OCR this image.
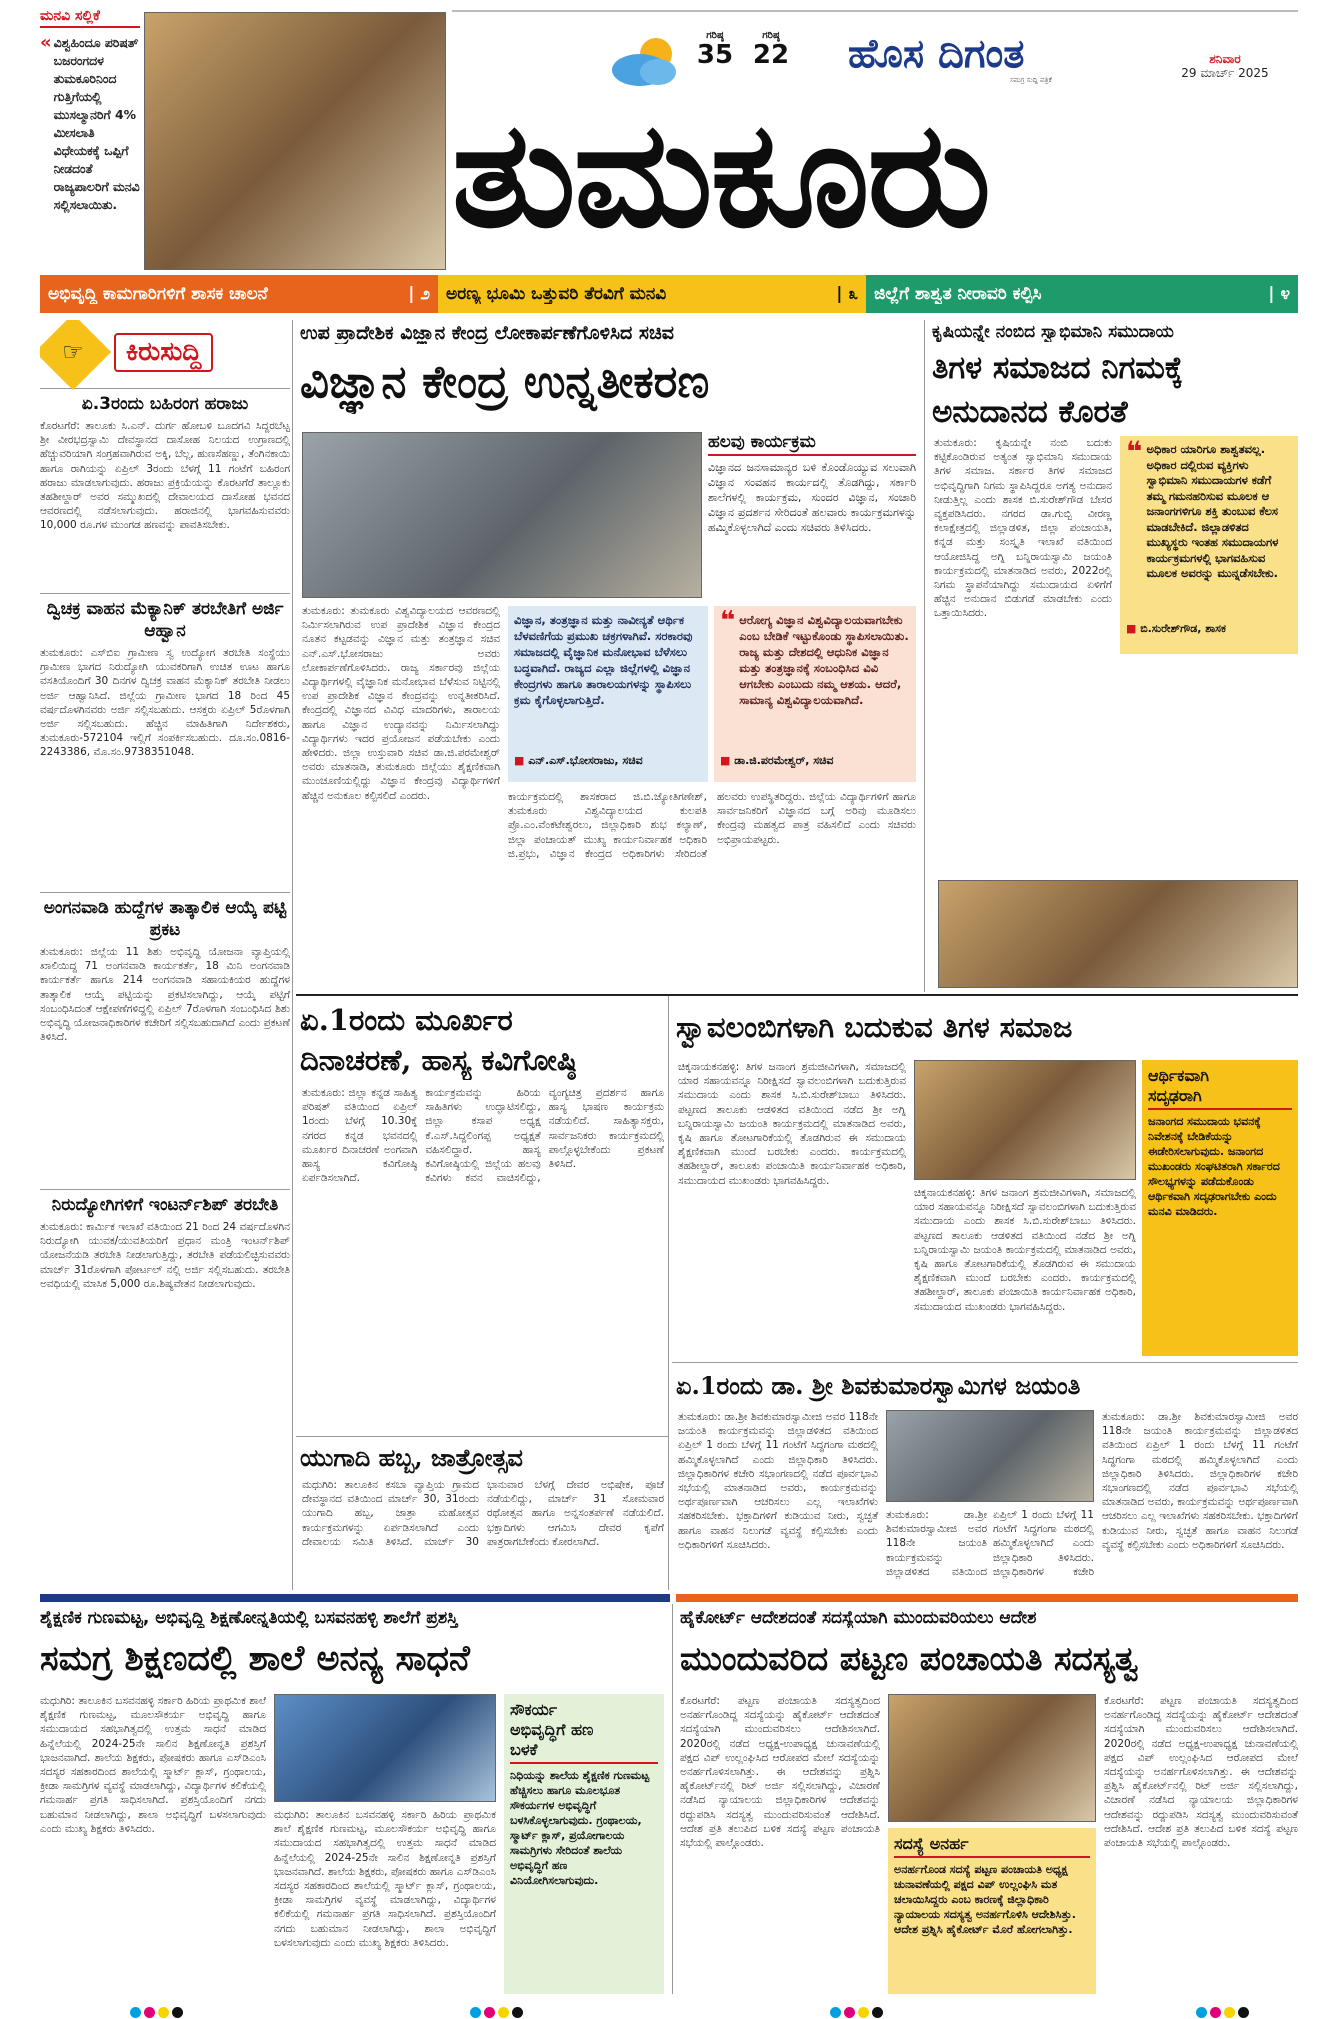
ಮನವಿ ಸಲ್ಲಿಕೆ
« ವಿಶ್ವಹಿಂದೂ ಪರಿಷತ್ ಬಜರಂಗದಳ ತುಮಕೂರಿನಿಂದ ಗುತ್ತಿಗೆಯಲ್ಲಿ ಮುಸಲ್ಮಾನರಿಗೆ 4% ಮೀಸಲಾತಿ ವಿಧೇಯಕಕ್ಕೆ ಒಪ್ಪಿಗೆ ನೀಡದಂತೆ ರಾಜ್ಯಪಾಲರಿಗೆ ಮನವಿ ಸಲ್ಲಿಸಲಾಯಿತು.
ಗರಿಷ್ಠ
35
ಗರಿಷ್ಠ
22 ಹೊಸ ದಿಗಂತ
ಸಮಗ್ರ ಸುದ್ದಿ ಪತ್ರಿಕೆ
ಶನಿವಾರ
29 ಮಾರ್ಚ್ 2025
ತುಮಕೂರು
ಅಭಿವೃದ್ಧಿ ಕಾಮಗಾರಿಗಳಿಗೆ ಶಾಸಕ ಚಾಲನೆ	| ೨ ಅರಣ್ಯ ಭೂಮಿ ಒತ್ತುವರಿ ತೆರವಿಗೆ ಮನವಿ	| ೩ ಜಿಲ್ಲೆಗೆ ಶಾಶ್ವತ ನೀರಾವರಿ ಕಲ್ಪಿಸಿ	| ೪
☞	ಕಿರುಸುದ್ದಿ
ಏ.3ರಂದು ಬಹಿರಂಗ ಹರಾಜು
ಕೊರಟಗೆರೆ: ತಾಲೂಕು ಸಿ.ಎನ್. ದುರ್ಗ ಹೋಬಳಿ ಬೂದಗವಿ ಸಿದ್ದರಬೆಟ್ಟ ಶ್ರೀ ವೀರಭದ್ರಸ್ವಾಮಿ ದೇವಸ್ಥಾನದ ದಾಸೋಹ ನಿಲಯದ ಉಗ್ರಾಣದಲ್ಲಿ ಹೆಚ್ಚುವರಿಯಾಗಿ ಸಂಗ್ರಹವಾಗಿರುವ ಅಕ್ಕಿ, ಬೆಲ್ಲ, ಹುಣಸೆಹಣ್ಣು, ತೆಂಗಿನಕಾಯಿ ಹಾಗೂ ರಾಗಿಯನ್ನು ಏಪ್ರಿಲ್ 3ರಂದು ಬೆಳಗ್ಗೆ 11 ಗಂಟೆಗೆ ಬಹಿರಂಗ ಹರಾಜು ಮಾಡಲಾಗುವುದು. ಹರಾಜು ಪ್ರಕ್ರಿಯೆಯನ್ನು ಕೊರಟಗೆರೆ ತಾಲ್ಲೂಕು ತಹಶೀಲ್ದಾರ್ ಅವರ ಸಮ್ಮುಖದಲ್ಲಿ ದೇವಾಲಯದ ದಾಸೋಹ ಭವನದ ಆವರಣದಲ್ಲಿ ನಡೆಸಲಾಗುವುದು. ಹರಾಜಿನಲ್ಲಿ ಭಾಗವಹಿಸುವವರು 10,000 ರೂ.ಗಳ ಮುಂಗಡ ಹಣವನ್ನು ಪಾವತಿಸಬೇಕು.
ದ್ವಿಚಕ್ರ ವಾಹನ ಮೆಕ್ಯಾನಿಕ್ ತರಬೇತಿಗೆ ಅರ್ಜಿ ಆಹ್ವಾನ
ತುಮಕೂರು: ಎಸ್‌ಬಿಐ ಗ್ರಾಮೀಣ ಸ್ವ ಉದ್ಯೋಗ ತರಬೇತಿ ಸಂಸ್ಥೆಯು ಗ್ರಾಮೀಣ ಭಾಗದ ನಿರುದ್ಯೋಗಿ ಯುವಕರಿಗಾಗಿ ಉಚಿತ ಊಟ ಹಾಗೂ ವಸತಿಯೊಂದಿಗೆ 30 ದಿನಗಳ ದ್ವಿಚಕ್ರ ವಾಹನ ಮೆಕ್ಯಾನಿಕ್ ತರಬೇತಿ ನೀಡಲು ಅರ್ಜಿ ಆಹ್ವಾನಿಸಿದೆ. ಜಿಲ್ಲೆಯ ಗ್ರಾಮೀಣ ಭಾಗದ 18 ರಿಂದ 45 ವರ್ಷದೊಳಗಿನವರು ಅರ್ಜಿ ಸಲ್ಲಿಸಬಹುದು. ಆಸಕ್ತರು ಏಪ್ರಿಲ್ 5ರೊಳಗಾಗಿ ಅರ್ಜಿ ಸಲ್ಲಿಸಬಹುದು. ಹೆಚ್ಚಿನ ಮಾಹಿತಿಗಾಗಿ ನಿರ್ದೇಶಕರು, ತುಮಕೂರು-572104 ಇಲ್ಲಿಗೆ ಸಂಪರ್ಕಿಸಬಹುದು. ದೂ.ಸಂ.0816-2243386, ಮೊ.ಸಂ.9738351048.
ಅಂಗನವಾಡಿ ಹುದ್ದೆಗಳ ತಾತ್ಕಾಲಿಕ ಆಯ್ಕೆ ಪಟ್ಟಿ ಪ್ರಕಟ
ತುಮಕೂರು: ಜಿಲ್ಲೆಯ 11 ಶಿಶು ಅಭಿವೃದ್ಧಿ ಯೋಜನಾ ವ್ಯಾಪ್ತಿಯಲ್ಲಿ ಖಾಲಿಯಿದ್ದ 71 ಅಂಗನವಾಡಿ ಕಾರ್ಯಕರ್ತೆ, 18 ಮಿನಿ ಅಂಗನವಾಡಿ ಕಾರ್ಯಕರ್ತೆ ಹಾಗೂ 214 ಅಂಗನವಾಡಿ ಸಹಾಯಕಿಯರ ಹುದ್ದೆಗಳ ತಾತ್ಕಾಲಿಕ ಆಯ್ಕೆ ಪಟ್ಟಿಯನ್ನು ಪ್ರಕಟಿಸಲಾಗಿದ್ದು, ಆಯ್ಕೆ ಪಟ್ಟಿಗೆ ಸಂಬಂಧಿಸಿದಂತೆ ಆಕ್ಷೇಪಣೆಗಳಿದ್ದಲ್ಲಿ ಏಪ್ರಿಲ್ 7ರೊಳಗಾಗಿ ಸಂಬಂಧಿಸಿದ ಶಿಶು ಅಭಿವೃದ್ಧಿ ಯೋಜನಾಧಿಕಾರಿಗಳ ಕಚೇರಿಗೆ ಸಲ್ಲಿಸಬಹುದಾಗಿದೆ ಎಂದು ಪ್ರಕಟಣೆ ತಿಳಿಸಿದೆ.
ನಿರುದ್ಯೋಗಿಗಳಿಗೆ ಇಂಟರ್ನ್‌ಶಿಪ್ ತರಬೇತಿ
ತುಮಕೂರು: ಕಾರ್ಮಿಕ ಇಲಾಖೆ ವತಿಯಿಂದ 21 ರಿಂದ 24 ವರ್ಷದೊಳಗಿನ ನಿರುದ್ಯೋಗಿ ಯುವಕ/ಯುವತಿಯರಿಗೆ ಪ್ರಧಾನ ಮಂತ್ರಿ ಇಂಟರ್ನ್‌ಶಿಪ್ ಯೋಜನೆಯಡಿ ತರಬೇತಿ ನೀಡಲಾಗುತ್ತಿದ್ದು, ತರಬೇತಿ ಪಡೆಯಲಿಚ್ಛಿಸುವವರು ಮಾರ್ಚ್ 31ರೊಳಗಾಗಿ ಪೋರ್ಟಲ್ ನಲ್ಲಿ ಅರ್ಜಿ ಸಲ್ಲಿಸಬಹುದು. ತರಬೇತಿ ಅವಧಿಯಲ್ಲಿ ಮಾಸಿಕ 5,000 ರೂ.ಶಿಷ್ಯವೇತನ ನೀಡಲಾಗುವುದು.
ಉಪ ಪ್ರಾದೇಶಿಕ ವಿಜ್ಞಾನ ಕೇಂದ್ರ ಲೋಕಾರ್ಪಣೆಗೊಳಿಸಿದ ಸಚಿವ
ವಿಜ್ಞಾನ ಕೇಂದ್ರ ಉನ್ನತೀಕರಣ
ಹಲವು ಕಾರ್ಯಕ್ರಮ
ವಿಜ್ಞಾನದ ಜನಸಾಮಾನ್ಯರ ಬಳಿ ಕೊಂಡೊಯ್ಯುವ ಸಲುವಾಗಿ ವಿಜ್ಞಾನ ಸಂವಹನ ಕಾರ್ಯದಲ್ಲಿ ತೊಡಗಿದ್ದು, ಸರ್ಕಾರಿ ಶಾಲೆಗಳಲ್ಲಿ ಕಾರ್ಯಕ್ರಮ, ಸುಂದರ ವಿಜ್ಞಾನ, ಸಂಚಾರಿ ವಿಜ್ಞಾನ ಪ್ರದರ್ಶನ ಸೇರಿದಂತೆ ಹಲವಾರು ಕಾರ್ಯಕ್ರಮಗಳನ್ನು ಹಮ್ಮಿಕೊಳ್ಳಲಾಗಿದೆ ಎಂದು ಸಚಿವರು ತಿಳಿಸಿದರು.
ತುಮಕೂರು: ತುಮಕೂರು ವಿಶ್ವವಿದ್ಯಾಲಯದ ಆವರಣದಲ್ಲಿ ನಿರ್ಮಿಸಲಾಗಿರುವ ಉಪ ಪ್ರಾದೇಶಿಕ ವಿಜ್ಞಾನ ಕೇಂದ್ರದ ನೂತನ ಕಟ್ಟಡವನ್ನು ವಿಜ್ಞಾನ ಮತ್ತು ತಂತ್ರಜ್ಞಾನ ಸಚಿವ ಎನ್.ಎಸ್.ಭೋಸರಾಜು ಅವರು ಲೋಕಾರ್ಪಣೆಗೊಳಿಸಿದರು. ರಾಜ್ಯ ಸರ್ಕಾರವು ಜಿಲ್ಲೆಯ ವಿದ್ಯಾರ್ಥಿಗಳಲ್ಲಿ ವೈಜ್ಞಾನಿಕ ಮನೋಭಾವ ಬೆಳೆಸುವ ನಿಟ್ಟಿನಲ್ಲಿ ಉಪ ಪ್ರಾದೇಶಿಕ ವಿಜ್ಞಾನ ಕೇಂದ್ರವನ್ನು ಉನ್ನತೀಕರಿಸಿದೆ. ಕೇಂದ್ರದಲ್ಲಿ ವಿಜ್ಞಾನದ ವಿವಿಧ ಮಾದರಿಗಳು, ತಾರಾಲಯ ಹಾಗೂ ವಿಜ್ಞಾನ ಉದ್ಯಾನವನ್ನು ನಿರ್ಮಿಸಲಾಗಿದ್ದು ವಿದ್ಯಾರ್ಥಿಗಳು ಇದರ ಪ್ರಯೋಜನ ಪಡೆಯಬೇಕು ಎಂದು ಹೇಳಿದರು. ಜಿಲ್ಲಾ ಉಸ್ತುವಾರಿ ಸಚಿವ ಡಾ.ಜಿ.ಪರಮೇಶ್ವರ್ ಅವರು ಮಾತನಾಡಿ, ತುಮಕೂರು ಜಿಲ್ಲೆಯು ಶೈಕ್ಷಣಿಕವಾಗಿ ಮುಂಚೂಣಿಯಲ್ಲಿದ್ದು ವಿಜ್ಞಾನ ಕೇಂದ್ರವು ವಿದ್ಯಾರ್ಥಿಗಳಿಗೆ ಹೆಚ್ಚಿನ ಅನುಕೂಲ ಕಲ್ಪಿಸಲಿದೆ ಎಂದರು.
ವಿಜ್ಞಾನ, ತಂತ್ರಜ್ಞಾನ ಮತ್ತು ನಾವೀನ್ಯತೆ ಆರ್ಥಿಕ ಬೆಳವಣಿಗೆಯ ಪ್ರಮುಖ ಚಕ್ರಗಳಾಗಿವೆ. ಸರಕಾರವು ಸಮಾಜದಲ್ಲಿ ವೈಜ್ಞಾನಿಕ ಮನೋಭಾವ ಬೆಳೆಸಲು ಬದ್ಧವಾಗಿದೆ. ರಾಜ್ಯದ ಎಲ್ಲಾ ಜಿಲ್ಲೆಗಳಲ್ಲಿ ವಿಜ್ಞಾನ ಕೇಂದ್ರಗಳು ಹಾಗೂ ತಾರಾಲಯಗಳನ್ನು ಸ್ಥಾಪಿಸಲು ಕ್ರಮ ಕೈಗೊಳ್ಳಲಾಗುತ್ತಿದೆ.
■ ಎನ್.ಎಸ್.ಭೋಸರಾಜು, ಸಚಿವ
❝ ಆರೋಗ್ಯ ವಿಜ್ಞಾನ ವಿಶ್ವವಿದ್ಯಾಲಯವಾಗಬೇಕು ಎಂಬ ಬೇಡಿಕೆ ಇಟ್ಟುಕೊಂಡು ಸ್ಥಾಪಿಸಲಾಯಿತು. ರಾಜ್ಯ ಮತ್ತು ದೇಶದಲ್ಲಿ ಆಧುನಿಕ ವಿಜ್ಞಾನ ಮತ್ತು ತಂತ್ರಜ್ಞಾನಕ್ಕೆ ಸಂಬಂಧಿಸಿದ ವಿವಿ ಆಗಬೇಕು ಎಂಬುದು ನಮ್ಮ ಆಶಯ. ಆದರೆ, ಸಾಮಾನ್ಯ ವಿಶ್ವವಿದ್ಯಾಲಯವಾಗಿದೆ.
■ ಡಾ.ಜಿ.ಪರಮೇಶ್ವರ್, ಸಚಿವ
ಕಾರ್ಯಕ್ರಮದಲ್ಲಿ ಶಾಸಕರಾದ ಜಿ.ಬಿ.ಜ್ಯೋತಿಗಣೇಶ್, ತುಮಕೂರು ವಿಶ್ವವಿದ್ಯಾಲಯದ ಕುಲಪತಿ ಪ್ರೊ.ಎಂ.ವೆಂಕಟೇಶ್ವರಲು, ಜಿಲ್ಲಾಧಿಕಾರಿ ಶುಭ ಕಲ್ಯಾಣ್, ಜಿಲ್ಲಾ ಪಂಚಾಯತ್ ಮುಖ್ಯ ಕಾರ್ಯನಿರ್ವಾಹಕ ಅಧಿಕಾರಿ ಜಿ.ಪ್ರಭು, ವಿಜ್ಞಾನ ಕೇಂದ್ರದ ಅಧಿಕಾರಿಗಳು ಸೇರಿದಂತೆ ಹಲವರು ಉಪಸ್ಥಿತರಿದ್ದರು. ಜಿಲ್ಲೆಯ ವಿದ್ಯಾರ್ಥಿಗಳಿಗೆ ಹಾಗೂ ಸಾರ್ವಜನಿಕರಿಗೆ ವಿಜ್ಞಾನದ ಬಗ್ಗೆ ಅರಿವು ಮೂಡಿಸಲು ಕೇಂದ್ರವು ಮಹತ್ವದ ಪಾತ್ರ ವಹಿಸಲಿದೆ ಎಂದು ಸಚಿವರು ಅಭಿಪ್ರಾಯಪಟ್ಟರು.
ಕೃಷಿಯನ್ನೇ ನಂಬಿದ ಸ್ವಾಭಿಮಾನಿ ಸಮುದಾಯ
ತಿಗಳ ಸಮಾಜದ ನಿಗಮಕ್ಕೆ
ಅನುದಾನದ ಕೊರತೆ
ತುಮಕೂರು: ಕೃಷಿಯನ್ನೇ ನಂಬಿ ಬದುಕು ಕಟ್ಟಿಕೊಂಡಿರುವ ಅತ್ಯಂತ ಸ್ವಾಭಿಮಾನಿ ಸಮುದಾಯ ತಿಗಳ ಸಮಾಜ. ಸರ್ಕಾರ ತಿಗಳ ಸಮಾಜದ ಅಭಿವೃದ್ಧಿಗಾಗಿ ನಿಗಮ ಸ್ಥಾಪಿಸಿದ್ದರೂ ಅಗತ್ಯ ಅನುದಾನ ನೀಡುತ್ತಿಲ್ಲ ಎಂದು ಶಾಸಕ ಬಿ.ಸುರೇಶ್‌ಗೌಡ ಬೇಸರ ವ್ಯಕ್ತಪಡಿಸಿದರು. ನಗರದ ಡಾ.ಗುಬ್ಬಿ ವೀರಣ್ಣ ಕಲಾಕ್ಷೇತ್ರದಲ್ಲಿ ಜಿಲ್ಲಾಡಳಿತ, ಜಿಲ್ಲಾ ಪಂಚಾಯತಿ, ಕನ್ನಡ ಮತ್ತು ಸಂಸ್ಕೃತಿ ಇಲಾಖೆ ವತಿಯಿಂದ ಆಯೋಜಿಸಿದ್ದ ಅಗ್ನಿ ಬನ್ನಿರಾಯಸ್ವಾಮಿ ಜಯಂತಿ ಕಾರ್ಯಕ್ರಮದಲ್ಲಿ ಮಾತನಾಡಿದ ಅವರು, 2022ರಲ್ಲಿ ನಿಗಮ ಸ್ಥಾಪನೆಯಾಗಿದ್ದು ಸಮುದಾಯದ ಏಳಿಗೆಗೆ ಹೆಚ್ಚಿನ ಅನುದಾನ ಬಿಡುಗಡೆ ಮಾಡಬೇಕು ಎಂದು ಒತ್ತಾಯಿಸಿದರು.
❝ ಅಧಿಕಾರ ಯಾರಿಗೂ ಶಾಶ್ವತವಲ್ಲ. ಅಧಿಕಾರ ದಲ್ಲಿರುವ ವ್ಯಕ್ತಿಗಳು ಸ್ವಾಭಿಮಾನಿ ಸಮುದಾಯಗಳ ಕಡೆಗೆ ತಮ್ಮ ಗಮನಹರಿಸುವ ಮೂಲಕ ಆ ಜನಾಂಗಗಳಿಗೂ ಶಕ್ತಿ ತುಂಬುವ ಕೆಲಸ ಮಾಡಬೇಕಿದೆ. ಜಿಲ್ಲಾಡಳಿತದ ಮುಖ್ಯಸ್ಥರು ಇಂತಹ ಸಮುದಾಯಗಳ ಕಾರ್ಯಕ್ರಮಗಳಲ್ಲಿ ಭಾಗವಹಿಸುವ ಮೂಲಕ ಅವರನ್ನು ಮುನ್ನಡೆಸಬೇಕು.
■ ಬಿ.ಸುರೇಶ್‌ಗೌಡ, ಶಾಸಕ
ಏ.1ರಂದು ಮೂರ್ಖರ
ದಿನಾಚರಣೆ, ಹಾಸ್ಯ ಕವಿಗೋಷ್ಠಿ
ತುಮಕೂರು: ಜಿಲ್ಲಾ ಕನ್ನಡ ಸಾಹಿತ್ಯ ಪರಿಷತ್ ವತಿಯಿಂದ ಏಪ್ರಿಲ್ 1ರಂದು ಬೆಳಗ್ಗೆ 10.30ಕ್ಕೆ ನಗರದ ಕನ್ನಡ ಭವನದಲ್ಲಿ ಮೂರ್ಖರ ದಿನಾಚರಣೆ ಅಂಗವಾಗಿ ಹಾಸ್ಯ ಕವಿಗೋಷ್ಠಿ ಏರ್ಪಡಿಸಲಾಗಿದೆ. ಕಾರ್ಯಕ್ರಮವನ್ನು ಹಿರಿಯ ಸಾಹಿತಿಗಳು ಉದ್ಘಾಟಿಸಲಿದ್ದು, ಜಿಲ್ಲಾ ಕಸಾಪ ಅಧ್ಯಕ್ಷ ಕೆ.ಎಸ್.ಸಿದ್ದಲಿಂಗಪ್ಪ ಅಧ್ಯಕ್ಷತೆ ವಹಿಸಲಿದ್ದಾರೆ. ಹಾಸ್ಯ ಕವಿಗೋಷ್ಠಿಯಲ್ಲಿ ಜಿಲ್ಲೆಯ ಹಲವು ಕವಿಗಳು ಕವನ ವಾಚಿಸಲಿದ್ದು, ವ್ಯಂಗ್ಯಚಿತ್ರ ಪ್ರದರ್ಶನ ಹಾಗೂ ಹಾಸ್ಯ ಭಾಷಣ ಕಾರ್ಯಕ್ರಮ ನಡೆಯಲಿದೆ. ಸಾಹಿತ್ಯಾಸಕ್ತರು, ಸಾರ್ವಜನಿಕರು ಕಾರ್ಯಕ್ರಮದಲ್ಲಿ ಪಾಲ್ಗೊಳ್ಳಬೇಕೆಂದು ಪ್ರಕಟಣೆ ತಿಳಿಸಿದೆ.
ಯುಗಾದಿ ಹಬ್ಬ, ಜಾತ್ರೋತ್ಸವ
ಮಧುಗಿರಿ: ತಾಲೂಕಿನ ಕಸಬಾ ವ್ಯಾಪ್ತಿಯ ಗ್ರಾಮದ ದೇವಸ್ಥಾನದ ವತಿಯಿಂದ ಮಾರ್ಚ್ 30, 31ರಂದು ಯುಗಾದಿ ಹಬ್ಬ, ಜಾತ್ರಾ ಮಹೋತ್ಸವ ಕಾರ್ಯಕ್ರಮಗಳನ್ನು ಏರ್ಪಡಿಸಲಾಗಿದೆ ಎಂದು ದೇವಾಲಯ ಸಮಿತಿ ತಿಳಿಸಿದೆ. ಮಾರ್ಚ್ 30 ಭಾನುವಾರ ಬೆಳಗ್ಗೆ ದೇವರ ಅಭಿಷೇಕ, ಪೂಜೆ ನಡೆಯಲಿದ್ದು, ಮಾರ್ಚ್ 31 ಸೋಮವಾರ ರಥೋತ್ಸವ ಹಾಗೂ ಅನ್ನಸಂತರ್ಪಣೆ ನಡೆಯಲಿದೆ. ಭಕ್ತಾದಿಗಳು ಆಗಮಿಸಿ ದೇವರ ಕೃಪೆಗೆ ಪಾತ್ರರಾಗಬೇಕೆಂದು ಕೋರಲಾಗಿದೆ.
ಸ್ವಾವಲಂಬಿಗಳಾಗಿ ಬದುಕುವ ತಿಗಳ ಸಮಾಜ
ಆರ್ಥಿಕವಾಗಿ
ಸದೃಢರಾಗಿ
ಜನಾಂಗದ ಸಮುದಾಯ ಭವನಕ್ಕೆ ನಿವೇಶನಕ್ಕೆ ಬೇಡಿಕೆಯನ್ನು ಈಡೇರಿಸಲಾಗುವುದು. ಜನಾಂಗದ ಮುಖಂಡರು ಸಂಘಟಿತರಾಗಿ ಸರ್ಕಾರದ ಸೌಲಭ್ಯಗಳನ್ನು ಪಡೆದುಕೊಂಡು ಆರ್ಥಿಕವಾಗಿ ಸದೃಢರಾಗಬೇಕು ಎಂದು ಮನವಿ ಮಾಡಿದರು.
ಚಿಕ್ಕನಾಯಕನಹಳ್ಳಿ: ತಿಗಳ ಜನಾಂಗ ಶ್ರಮಜೀವಿಗಳಾಗಿ, ಸಮಾಜದಲ್ಲಿ ಯಾರ ಸಹಾಯವನ್ನೂ ನಿರೀಕ್ಷಿಸದೆ ಸ್ವಾವಲಂಬಿಗಳಾಗಿ ಬದುಕುತ್ತಿರುವ ಸಮುದಾಯ ಎಂದು ಶಾಸಕ ಸಿ.ಬಿ.ಸುರೇಶ್‌ಬಾಬು ತಿಳಿಸಿದರು. ಪಟ್ಟಣದ ತಾಲೂಕು ಆಡಳಿತದ ವತಿಯಿಂದ ನಡೆದ ಶ್ರೀ ಅಗ್ನಿ ಬನ್ನಿರಾಯಸ್ವಾಮಿ ಜಯಂತಿ ಕಾರ್ಯಕ್ರಮದಲ್ಲಿ ಮಾತನಾಡಿದ ಅವರು, ಕೃಷಿ ಹಾಗೂ ತೋಟಗಾರಿಕೆಯಲ್ಲಿ ತೊಡಗಿರುವ ಈ ಸಮುದಾಯ ಶೈಕ್ಷಣಿಕವಾಗಿ ಮುಂದೆ ಬರಬೇಕು ಎಂದರು. ಕಾರ್ಯಕ್ರಮದಲ್ಲಿ ತಹಶೀಲ್ದಾರ್, ತಾಲೂಕು ಪಂಚಾಯಿತಿ ಕಾರ್ಯನಿರ್ವಾಹಕ ಅಧಿಕಾರಿ, ಸಮುದಾಯದ ಮುಖಂಡರು ಭಾಗವಹಿಸಿದ್ದರು.
ಚಿಕ್ಕನಾಯಕನಹಳ್ಳಿ: ತಿಗಳ ಜನಾಂಗ ಶ್ರಮಜೀವಿಗಳಾಗಿ, ಸಮಾಜದಲ್ಲಿ ಯಾರ ಸಹಾಯವನ್ನೂ ನಿರೀಕ್ಷಿಸದೆ ಸ್ವಾವಲಂಬಿಗಳಾಗಿ ಬದುಕುತ್ತಿರುವ ಸಮುದಾಯ ಎಂದು ಶಾಸಕ ಸಿ.ಬಿ.ಸುರೇಶ್‌ಬಾಬು ತಿಳಿಸಿದರು. ಪಟ್ಟಣದ ತಾಲೂಕು ಆಡಳಿತದ ವತಿಯಿಂದ ನಡೆದ ಶ್ರೀ ಅಗ್ನಿ ಬನ್ನಿರಾಯಸ್ವಾಮಿ ಜಯಂತಿ ಕಾರ್ಯಕ್ರಮದಲ್ಲಿ ಮಾತನಾಡಿದ ಅವರು, ಕೃಷಿ ಹಾಗೂ ತೋಟಗಾರಿಕೆಯಲ್ಲಿ ತೊಡಗಿರುವ ಈ ಸಮುದಾಯ ಶೈಕ್ಷಣಿಕವಾಗಿ ಮುಂದೆ ಬರಬೇಕು ಎಂದರು. ಕಾರ್ಯಕ್ರಮದಲ್ಲಿ ತಹಶೀಲ್ದಾರ್, ತಾಲೂಕು ಪಂಚಾಯಿತಿ ಕಾರ್ಯನಿರ್ವಾಹಕ ಅಧಿಕಾರಿ, ಸಮುದಾಯದ ಮುಖಂಡರು ಭಾಗವಹಿಸಿದ್ದರು.
ಏ.1ರಂದು ಡಾ. ಶ್ರೀ ಶಿವಕುಮಾರಸ್ವಾಮಿಗಳ ಜಯಂತಿ
ತುಮಕೂರು: ಡಾ.ಶ್ರೀ ಶಿವಕುಮಾರಸ್ವಾಮೀಜಿ ಅವರ 118ನೇ ಜಯಂತಿ ಕಾರ್ಯಕ್ರಮವನ್ನು ಜಿಲ್ಲಾಡಳಿತದ ವತಿಯಿಂದ ಏಪ್ರಿಲ್ 1 ರಂದು ಬೆಳಗ್ಗೆ 11 ಗಂಟೆಗೆ ಸಿದ್ಧಗಂಗಾ ಮಠದಲ್ಲಿ ಹಮ್ಮಿಕೊಳ್ಳಲಾಗಿದೆ ಎಂದು ಜಿಲ್ಲಾಧಿಕಾರಿ ತಿಳಿಸಿದರು. ಜಿಲ್ಲಾಧಿಕಾರಿಗಳ ಕಚೇರಿ ಸಭಾಂಗಣದಲ್ಲಿ ನಡೆದ ಪೂರ್ವಭಾವಿ ಸಭೆಯಲ್ಲಿ ಮಾತನಾಡಿದ ಅವರು, ಕಾರ್ಯಕ್ರಮವನ್ನು ಅರ್ಥಪೂರ್ಣವಾಗಿ ಆಚರಿಸಲು ಎಲ್ಲ ಇಲಾಖೆಗಳು ಸಹಕರಿಸಬೇಕು. ಭಕ್ತಾದಿಗಳಿಗೆ ಕುಡಿಯುವ ನೀರು, ಸ್ವಚ್ಛತೆ ಹಾಗೂ ವಾಹನ ನಿಲುಗಡೆ ವ್ಯವಸ್ಥೆ ಕಲ್ಪಿಸಬೇಕು ಎಂದು ಅಧಿಕಾರಿಗಳಿಗೆ ಸೂಚಿಸಿದರು.
ತುಮಕೂರು: ಡಾ.ಶ್ರೀ ಶಿವಕುಮಾರಸ್ವಾಮೀಜಿ ಅವರ 118ನೇ ಜಯಂತಿ ಕಾರ್ಯಕ್ರಮವನ್ನು ಜಿಲ್ಲಾಡಳಿತದ ವತಿಯಿಂದ ಏಪ್ರಿಲ್ 1 ರಂದು ಬೆಳಗ್ಗೆ 11 ಗಂಟೆಗೆ ಸಿದ್ಧಗಂಗಾ ಮಠದಲ್ಲಿ ಹಮ್ಮಿಕೊಳ್ಳಲಾಗಿದೆ ಎಂದು ಜಿಲ್ಲಾಧಿಕಾರಿ ತಿಳಿಸಿದರು. ಜಿಲ್ಲಾಧಿಕಾರಿಗಳ ಕಚೇರಿ
ತುಮಕೂರು: ಡಾ.ಶ್ರೀ ಶಿವಕುಮಾರಸ್ವಾಮೀಜಿ ಅವರ 118ನೇ ಜಯಂತಿ ಕಾರ್ಯಕ್ರಮವನ್ನು ಜಿಲ್ಲಾಡಳಿತದ ವತಿಯಿಂದ ಏಪ್ರಿಲ್ 1 ರಂದು ಬೆಳಗ್ಗೆ 11 ಗಂಟೆಗೆ ಸಿದ್ಧಗಂಗಾ ಮಠದಲ್ಲಿ ಹಮ್ಮಿಕೊಳ್ಳಲಾಗಿದೆ ಎಂದು ಜಿಲ್ಲಾಧಿಕಾರಿ ತಿಳಿಸಿದರು. ಜಿಲ್ಲಾಧಿಕಾರಿಗಳ ಕಚೇರಿ ಸಭಾಂಗಣದಲ್ಲಿ ನಡೆದ ಪೂರ್ವಭಾವಿ ಸಭೆಯಲ್ಲಿ ಮಾತನಾಡಿದ ಅವರು, ಕಾರ್ಯಕ್ರಮವನ್ನು ಅರ್ಥಪೂರ್ಣವಾಗಿ ಆಚರಿಸಲು ಎಲ್ಲ ಇಲಾಖೆಗಳು ಸಹಕರಿಸಬೇಕು. ಭಕ್ತಾದಿಗಳಿಗೆ ಕುಡಿಯುವ ನೀರು, ಸ್ವಚ್ಛತೆ ಹಾಗೂ ವಾಹನ ನಿಲುಗಡೆ ವ್ಯವಸ್ಥೆ ಕಲ್ಪಿಸಬೇಕು ಎಂದು ಅಧಿಕಾರಿಗಳಿಗೆ ಸೂಚಿಸಿದರು.
ಶೈಕ್ಷಣಿಕ ಗುಣಮಟ್ಟ, ಅಭಿವೃದ್ಧಿ ಶಿಕ್ಷಣೋನ್ನತಿಯಲ್ಲಿ ಬಸವನಹಳ್ಳಿ ಶಾಲೆಗೆ ಪ್ರಶಸ್ತಿ
ಸಮಗ್ರ ಶಿಕ್ಷಣದಲ್ಲಿ ಶಾಲೆ ಅನನ್ಯ ಸಾಧನೆ
ಮಧುಗಿರಿ: ತಾಲೂಕಿನ ಬಸವನಹಳ್ಳಿ ಸರ್ಕಾರಿ ಹಿರಿಯ ಪ್ರಾಥಮಿಕ ಶಾಲೆ ಶೈಕ್ಷಣಿಕ ಗುಣಮಟ್ಟ, ಮೂಲಸೌಕರ್ಯ ಅಭಿವೃದ್ಧಿ ಹಾಗೂ ಸಮುದಾಯದ ಸಹಭಾಗಿತ್ವದಲ್ಲಿ ಉತ್ತಮ ಸಾಧನೆ ಮಾಡಿದ ಹಿನ್ನೆಲೆಯಲ್ಲಿ 2024-25ನೇ ಸಾಲಿನ ಶಿಕ್ಷಣೋನ್ನತಿ ಪ್ರಶಸ್ತಿಗೆ ಭಾಜನವಾಗಿದೆ. ಶಾಲೆಯ ಶಿಕ್ಷಕರು, ಪೋಷಕರು ಹಾಗೂ ಎಸ್‌ಡಿಎಂಸಿ ಸದಸ್ಯರ ಸಹಕಾರದಿಂದ ಶಾಲೆಯಲ್ಲಿ ಸ್ಮಾರ್ಟ್ ಕ್ಲಾಸ್, ಗ್ರಂಥಾಲಯ, ಕ್ರೀಡಾ ಸಾಮಗ್ರಿಗಳ ವ್ಯವಸ್ಥೆ ಮಾಡಲಾಗಿದ್ದು, ವಿದ್ಯಾರ್ಥಿಗಳ ಕಲಿಕೆಯಲ್ಲಿ ಗಮನಾರ್ಹ ಪ್ರಗತಿ ಸಾಧಿಸಲಾಗಿದೆ. ಪ್ರಶಸ್ತಿಯೊಂದಿಗೆ ನಗದು ಬಹುಮಾನ ನೀಡಲಾಗಿದ್ದು, ಶಾಲಾ ಅಭಿವೃದ್ಧಿಗೆ ಬಳಸಲಾಗುವುದು ಎಂದು ಮುಖ್ಯ ಶಿಕ್ಷಕರು ತಿಳಿಸಿದರು.
ಮಧುಗಿರಿ: ತಾಲೂಕಿನ ಬಸವನಹಳ್ಳಿ ಸರ್ಕಾರಿ ಹಿರಿಯ ಪ್ರಾಥಮಿಕ ಶಾಲೆ ಶೈಕ್ಷಣಿಕ ಗುಣಮಟ್ಟ, ಮೂಲಸೌಕರ್ಯ ಅಭಿವೃದ್ಧಿ ಹಾಗೂ ಸಮುದಾಯದ ಸಹಭಾಗಿತ್ವದಲ್ಲಿ ಉತ್ತಮ ಸಾಧನೆ ಮಾಡಿದ ಹಿನ್ನೆಲೆಯಲ್ಲಿ 2024-25ನೇ ಸಾಲಿನ ಶಿಕ್ಷಣೋನ್ನತಿ ಪ್ರಶಸ್ತಿಗೆ ಭಾಜನವಾಗಿದೆ. ಶಾಲೆಯ ಶಿಕ್ಷಕರು, ಪೋಷಕರು ಹಾಗೂ ಎಸ್‌ಡಿಎಂಸಿ ಸದಸ್ಯರ ಸಹಕಾರದಿಂದ ಶಾಲೆಯಲ್ಲಿ ಸ್ಮಾರ್ಟ್ ಕ್ಲಾಸ್, ಗ್ರಂಥಾಲಯ, ಕ್ರೀಡಾ ಸಾಮಗ್ರಿಗಳ ವ್ಯವಸ್ಥೆ ಮಾಡಲಾಗಿದ್ದು, ವಿದ್ಯಾರ್ಥಿಗಳ ಕಲಿಕೆಯಲ್ಲಿ ಗಮನಾರ್ಹ ಪ್ರಗತಿ ಸಾಧಿಸಲಾಗಿದೆ. ಪ್ರಶಸ್ತಿಯೊಂದಿಗೆ ನಗದು ಬಹುಮಾನ ನೀಡಲಾಗಿದ್ದು, ಶಾಲಾ ಅಭಿವೃದ್ಧಿಗೆ ಬಳಸಲಾಗುವುದು ಎಂದು ಮುಖ್ಯ ಶಿಕ್ಷಕರು ತಿಳಿಸಿದರು.
ಸೌಕರ್ಯ
ಅಭಿವೃದ್ಧಿಗೆ ಹಣ
ಬಳಕೆ
ನಿಧಿಯನ್ನು ಶಾಲೆಯ ಶೈಕ್ಷಣಿಕ ಗುಣಮಟ್ಟ ಹೆಚ್ಚಿಸಲು ಹಾಗೂ ಮೂಲಭೂತ ಸೌಕರ್ಯಗಳ ಅಭಿವೃದ್ಧಿಗೆ ಬಳಸಿಕೊಳ್ಳಲಾಗುವುದು. ಗ್ರಂಥಾಲಯ, ಸ್ಮಾರ್ಟ್ ಕ್ಲಾಸ್, ಪ್ರಯೋಗಾಲಯ ಸಾಮಗ್ರಿಗಳು ಸೇರಿದಂತೆ ಶಾಲೆಯ ಅಭಿವೃದ್ಧಿಗೆ ಹಣ ವಿನಿಯೋಗಿಸಲಾಗುವುದು.
ಹೈಕೋರ್ಟ್ ಆದೇಶದಂತೆ ಸದಸ್ಯೆಯಾಗಿ ಮುಂದುವರಿಯಲು ಆದೇಶ
ಮುಂದುವರಿದ ಪಟ್ಟಣ ಪಂಚಾಯತಿ ಸದಸ್ಯತ್ವ
ಕೊರಟಗೆರೆ: ಪಟ್ಟಣ ಪಂಚಾಯತಿ ಸದಸ್ಯತ್ವದಿಂದ ಅನರ್ಹಗೊಂಡಿದ್ದ ಸದಸ್ಯೆಯನ್ನು ಹೈಕೋರ್ಟ್ ಆದೇಶದಂತೆ ಸದಸ್ಯೆಯಾಗಿ ಮುಂದುವರಿಸಲು ಆದೇಶಿಸಲಾಗಿದೆ. 2020ರಲ್ಲಿ ನಡೆದ ಅಧ್ಯಕ್ಷ-ಉಪಾಧ್ಯಕ್ಷ ಚುನಾವಣೆಯಲ್ಲಿ ಪಕ್ಷದ ವಿಪ್ ಉಲ್ಲಂಘಿಸಿದ ಆರೋಪದ ಮೇಲೆ ಸದಸ್ಯೆಯನ್ನು ಅನರ್ಹಗೊಳಿಸಲಾಗಿತ್ತು. ಈ ಆದೇಶವನ್ನು ಪ್ರಶ್ನಿಸಿ ಹೈಕೋರ್ಟ್‌ನಲ್ಲಿ ರಿಟ್ ಅರ್ಜಿ ಸಲ್ಲಿಸಲಾಗಿದ್ದು, ವಿಚಾರಣೆ ನಡೆಸಿದ ನ್ಯಾಯಾಲಯ ಜಿಲ್ಲಾಧಿಕಾರಿಗಳ ಆದೇಶವನ್ನು ರದ್ದುಪಡಿಸಿ ಸದಸ್ಯತ್ವ ಮುಂದುವರಿಸುವಂತೆ ಆದೇಶಿಸಿದೆ. ಆದೇಶ ಪ್ರತಿ ತಲುಪಿದ ಬಳಿಕ ಸದಸ್ಯೆ ಪಟ್ಟಣ ಪಂಚಾಯತಿ ಸಭೆಯಲ್ಲಿ ಪಾಲ್ಗೊಂಡರು.	ಸದಸ್ಯೆ ಅನರ್ಹ
ಅನರ್ಹಗೊಂಡ ಸದಸ್ಯೆ ಪಟ್ಟಣ ಪಂಚಾಯತಿ ಅಧ್ಯಕ್ಷ ಚುನಾವಣೆಯಲ್ಲಿ ಪಕ್ಷದ ವಿಪ್ ಉಲ್ಲಂಘಿಸಿ ಮತ ಚಲಾಯಿಸಿದ್ದರು ಎಂಬ ಕಾರಣಕ್ಕೆ ಜಿಲ್ಲಾಧಿಕಾರಿ ನ್ಯಾಯಾಲಯ ಸದಸ್ಯತ್ವ ಅನರ್ಹಗೊಳಿಸಿ ಆದೇಶಿಸಿತ್ತು. ಆದೇಶ ಪ್ರಶ್ನಿಸಿ ಹೈಕೋರ್ಟ್ ಮೊರೆ ಹೋಗಲಾಗಿತ್ತು.
ಕೊರಟಗೆರೆ: ಪಟ್ಟಣ ಪಂಚಾಯತಿ ಸದಸ್ಯತ್ವದಿಂದ ಅನರ್ಹಗೊಂಡಿದ್ದ ಸದಸ್ಯೆಯನ್ನು ಹೈಕೋರ್ಟ್ ಆದೇಶದಂತೆ ಸದಸ್ಯೆಯಾಗಿ ಮುಂದುವರಿಸಲು ಆದೇಶಿಸಲಾಗಿದೆ. 2020ರಲ್ಲಿ ನಡೆದ ಅಧ್ಯಕ್ಷ-ಉಪಾಧ್ಯಕ್ಷ ಚುನಾವಣೆಯಲ್ಲಿ ಪಕ್ಷದ ವಿಪ್ ಉಲ್ಲಂಘಿಸಿದ ಆರೋಪದ ಮೇಲೆ ಸದಸ್ಯೆಯನ್ನು ಅನರ್ಹಗೊಳಿಸಲಾಗಿತ್ತು. ಈ ಆದೇಶವನ್ನು ಪ್ರಶ್ನಿಸಿ ಹೈಕೋರ್ಟ್‌ನಲ್ಲಿ ರಿಟ್ ಅರ್ಜಿ ಸಲ್ಲಿಸಲಾಗಿದ್ದು, ವಿಚಾರಣೆ ನಡೆಸಿದ ನ್ಯಾಯಾಲಯ ಜಿಲ್ಲಾಧಿಕಾರಿಗಳ ಆದೇಶವನ್ನು ರದ್ದುಪಡಿಸಿ ಸದಸ್ಯತ್ವ ಮುಂದುವರಿಸುವಂತೆ ಆದೇಶಿಸಿದೆ. ಆದೇಶ ಪ್ರತಿ ತಲುಪಿದ ಬಳಿಕ ಸದಸ್ಯೆ ಪಟ್ಟಣ ಪಂಚಾಯತಿ ಸಭೆಯಲ್ಲಿ ಪಾಲ್ಗೊಂಡರು.
